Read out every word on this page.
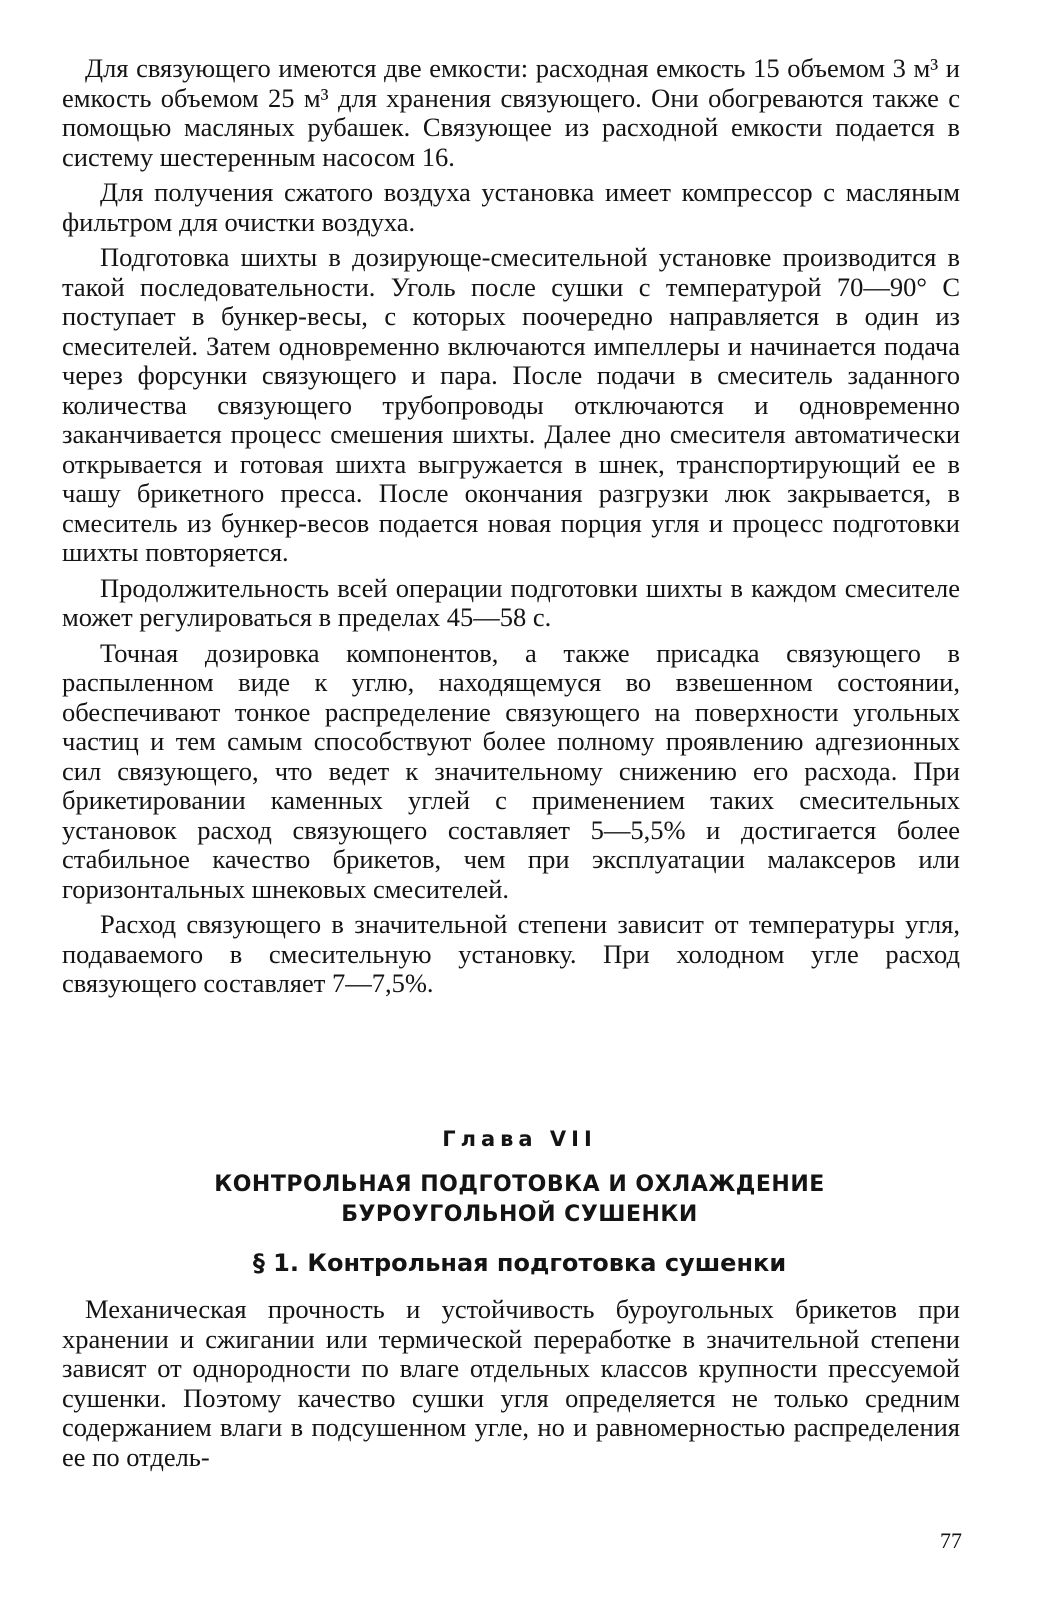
Для связующего имеются две емкости: расходная емкость 15 объемом 3 м³ и емкость объемом 25 м³ для хранения связующего. Они обогреваются также с помощью масляных рубашек. Связующее из расходной емкости подается в систему шестеренным насосом 16.

Для получения сжатого воздуха установка имеет компрессор с масляным фильтром для очистки воздуха.

Подготовка шихты в дозирующе-смесительной установке производится в такой последовательности. Уголь после сушки с температурой 70—90° С поступает в бункер-весы, с которых поочередно направляется в один из смесителей. Затем одновременно включаются импеллеры и начинается подача через форсунки связующего и пара. После подачи в смеситель заданного количества связующего трубопроводы отключаются и одновременно заканчивается процесс смешения шихты. Далее дно смесителя автоматически открывается и готовая шихта выгружается в шнек, транспортирующий ее в чашу брикетного пресса. После окончания разгрузки люк закрывается, в смеситель из бункер-весов подается новая порция угля и процесс подготовки шихты повторяется.

Продолжительность всей операции подготовки шихты в каждом смесителе может регулироваться в пределах 45—58 с.

Точная дозировка компонентов, а также присадка связующего в распыленном виде к углю, находящемуся во взвешенном состоянии, обеспечивают тонкое распределение связующего на поверхности угольных частиц и тем самым способствуют более полному проявлению адгезионных сил связующего, что ведет к значительному снижению его расхода. При брикетировании каменных углей с применением таких смесительных установок расход связующего составляет 5—5,5% и достигается более стабильное качество брикетов, чем при эксплуатации малаксеров или горизонтальных шнековых смесителей.

Расход связующего в значительной степени зависит от температуры угля, подаваемого в смесительную установку. При холодном угле расход связующего составляет 7—7,5%.

Глава VII
КОНТРОЛЬНАЯ ПОДГОТОВКА И ОХЛАЖДЕНИЕ
БУРОУГОЛЬНОЙ СУШЕНКИ
§ 1. Контрольная подготовка сушенки

Механическая прочность и устойчивость буроугольных брикетов при хранении и сжигании или термической переработке в значительной степени зависят от однородности по влаге отдельных классов крупности прессуемой сушенки. Поэтому качество сушки угля определяется не только средним содержанием влаги в подсушенном угле, но и равномерностью распределения ее по отдель-

77
